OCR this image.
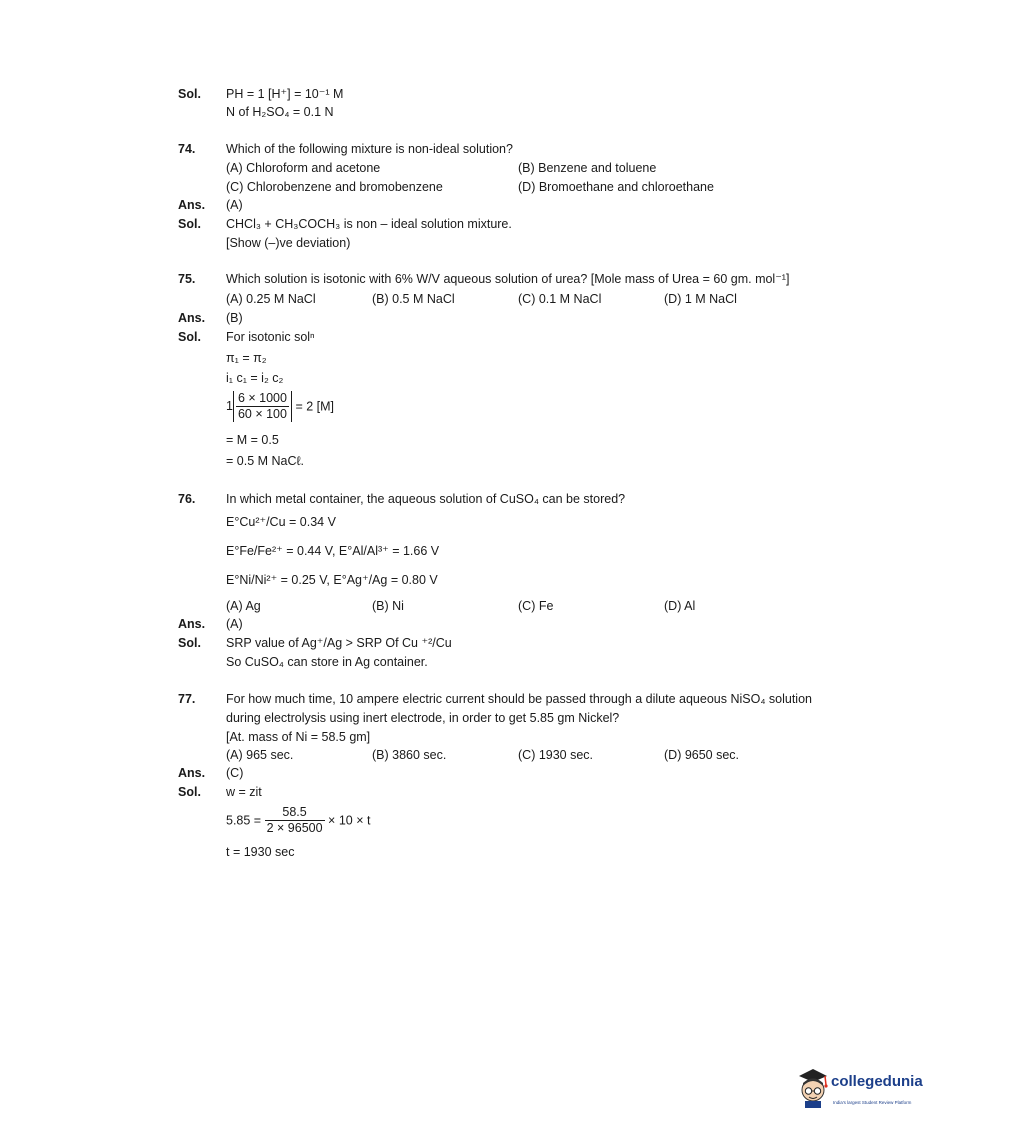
Sol. PH = 1 [H⁺] = 10⁻¹ M
N of H₂SO₄ = 0.1 N
74. Which of the following mixture is non-ideal solution?
(A) Chloroform and acetone	(B) Benzene and toluene
(C) Chlorobenzene and bromobenzene	(D) Bromoethane and chloroethane
Ans. (A)
Sol. CHCl₃ + CH₃COCH₃ is non – ideal solution mixture.
[Show (–)ve deviation)
75. Which solution is isotonic with 6% W/V aqueous solution of urea? [Mole mass of Urea = 60 gm. mol⁻¹]
(A) 0.25 M NaCl	(B) 0.5 M NaCl	(C) 0.1 M NaCl	(D) 1 M NaCl
Ans. (B)
Sol. For isotonic solⁿ
π₁ = π₂
i₁ c₁ = i₂ c₂
$1 \frac{6 \times 1000}{60 \times 100} = 2$ [M]
= M = 0.5
= 0.5 M NaCℓ.
76. In which metal container, the aqueous solution of CuSO₄ can be stored?
E°Cu²⁺/Cu = 0.34 V
E°Fe/Fe²⁺ = 0.44 V, E°Al/Al³⁺ = 1.66 V
E°Ni/Ni²⁺ = 0.25 V, E°Ag⁺/Ag = 0.80 V
(A) Ag	(B) Ni	(C) Fe	(D) Al
Ans. (A)
Sol. SRP value of Ag⁺/Ag > SRP Of Cu ⁺²/Cu
So CuSO₄ can store in Ag container.
77. For how much time, 10 ampere electric current should be passed through a dilute aqueous NiSO₄ solution
during electrolysis using inert electrode, in order to get 5.85 gm Nickel?
[At. mass of Ni = 58.5 gm]
(A) 965 sec.	(B) 3860 sec.	(C) 1930 sec.	(D) 9650 sec.
Ans. (C)
Sol. w = zit
$5.85 = \frac{58.5}{2 \times 96500} \times 10 \times t$
t = 1930 sec
collegedunia
India's largest Student Review Platform
